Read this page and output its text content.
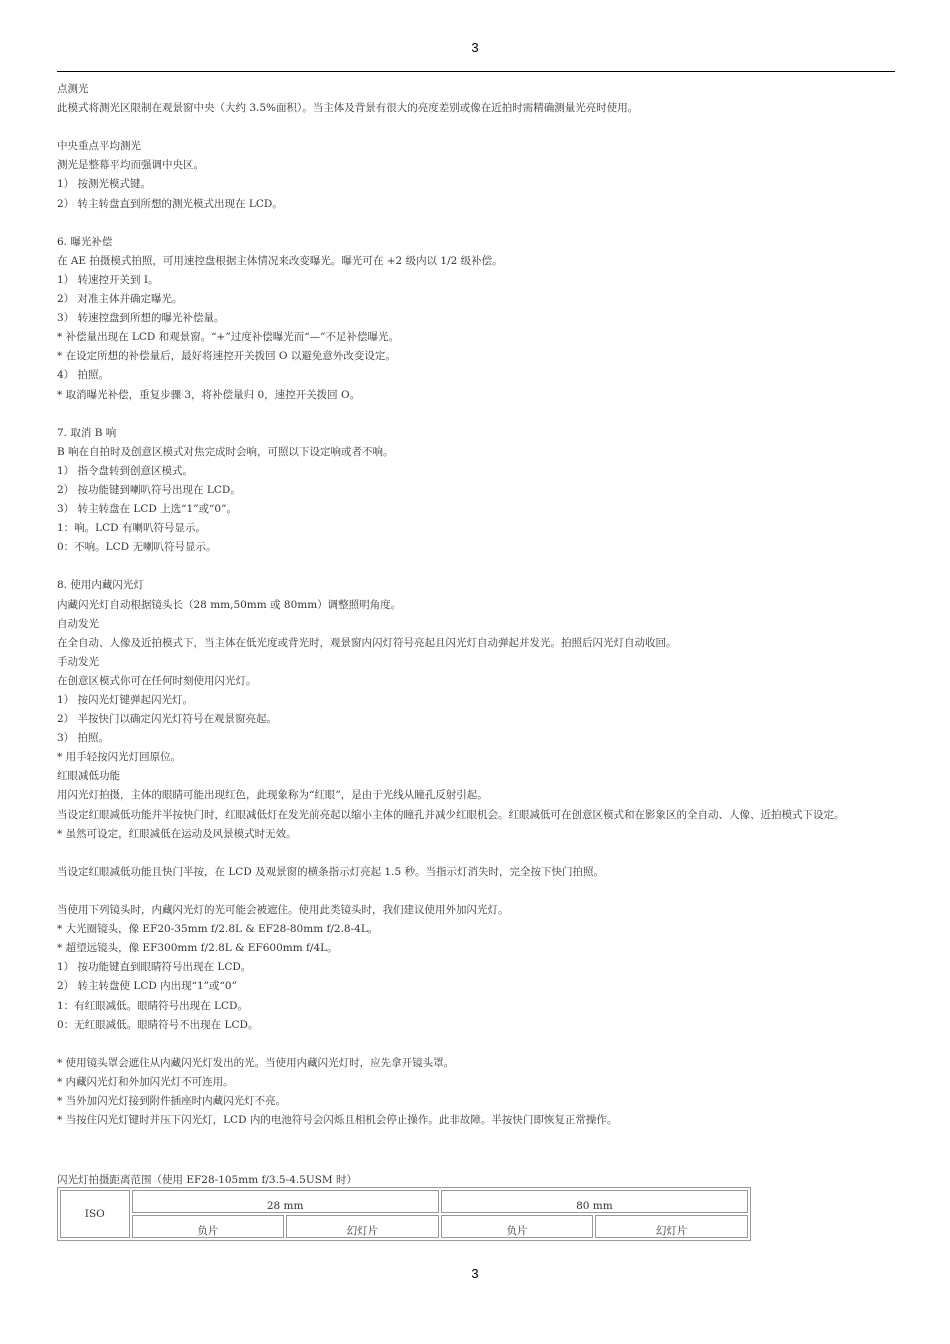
3
点测光
此模式将测光区限制在观景窗中央（大约 3.5%面积）。当主体及背景有很大的亮度差别或像在近拍时需精确测量光亮时使用。
中央重点平均测光
测光是整幕平均而强调中央区。
1） 按测光模式键。
2） 转主转盘直到所想的测光模式出现在 LCD。
6. 曝光补偿
在 AE 拍摄模式拍照，可用速控盘根据主体情况来改变曝光。曝光可在 +2 级内以 1/2 级补偿。
1） 转速控开关到 I。
2） 对准主体并确定曝光。
3） 转速控盘到所想的曝光补偿量。
* 补偿量出现在 LCD 和观景窗。“+”过度补偿曝光而“—”不足补偿曝光。
* 在设定所想的补偿量后，最好将速控开关拨回 O 以避免意外改变设定。
4） 拍照。
* 取消曝光补偿，重复步骤 3，将补偿量归 0，速控开关拨回 O。
7. 取消 B 响
B 响在自拍时及创意区模式对焦完成时会响，可照以下设定响或者不响。
1） 指令盘转到创意区模式。
2） 按功能键到喇叭符号出现在 LCD。
3） 转主转盘在 LCD 上选“1”或“0”。
1：响。LCD 有喇叭符号显示。
0：不响。LCD 无喇叭符号显示。
8. 使用内藏闪光灯
内藏闪光灯自动根据镜头长（28 mm,50mm 或 80mm）调整照明角度。
自动发光
在全自动、人像及近拍模式下，当主体在低光度或背光时，观景窗内闪灯符号亮起且闪光灯自动弹起并发光。拍照后闪光灯自动收回。
手动发光
在创意区模式你可在任何时刻使用闪光灯。
1） 按闪光灯键弹起闪光灯。
2） 半按快门以确定闪光灯符号在观景窗亮起。
3） 拍照。
* 用手轻按闪光灯回原位。
红眼减低功能
用闪光灯拍摄，主体的眼睛可能出现红色，此现象称为“红眼”，是由于光线从瞳孔反射引起。
当设定红眼减低功能并半按快门时，红眼减低灯在发光前亮起以缩小主体的瞳孔并减少红眼机会。红眼减低可在创意区模式和在影象区的全自动、人像、近拍模式下设定。
* 虽然可设定，红眼减低在运动及风景模式时无效。
当设定红眼减低功能且快门半按，在 LCD 及观景窗的横条指示灯亮起 1.5 秒。当指示灯消失时，完全按下快门拍照。
当使用下列镜头时，内藏闪光灯的光可能会被遮住。使用此类镜头时，我们建议使用外加闪光灯。
* 大光圈镜头，像 EF20-35mm f/2.8L & EF28-80mm f/2.8-4L。
* 超望远镜头，像 EF300mm f/2.8L & EF600mm f/4L。
1） 按功能键直到眼睛符号出现在 LCD。
2） 转主转盘使 LCD 内出现“1”或“0”
1：有红眼减低。眼睛符号出现在 LCD。
0：无红眼减低。眼睛符号不出现在 LCD。
* 使用镜头罩会遮住从内藏闪光灯发出的光。当使用内藏闪光灯时，应先拿开镜头罩。
* 内藏闪光灯和外加闪光灯不可连用。
* 当外加闪光灯接到附件插座时内藏闪光灯不亮。
* 当按住闪光灯键时并压下闪光灯，LCD 内的电池符号会闪烁且相机会停止操作。此非故障。半按快门即恢复正常操作。
闪光灯拍摄距离范围（使用 EF28-105mm f/3.5-4.5USM 时）
ISO	28 mm		80 mm	
	负片	幻灯片	负片	幻灯片
3
